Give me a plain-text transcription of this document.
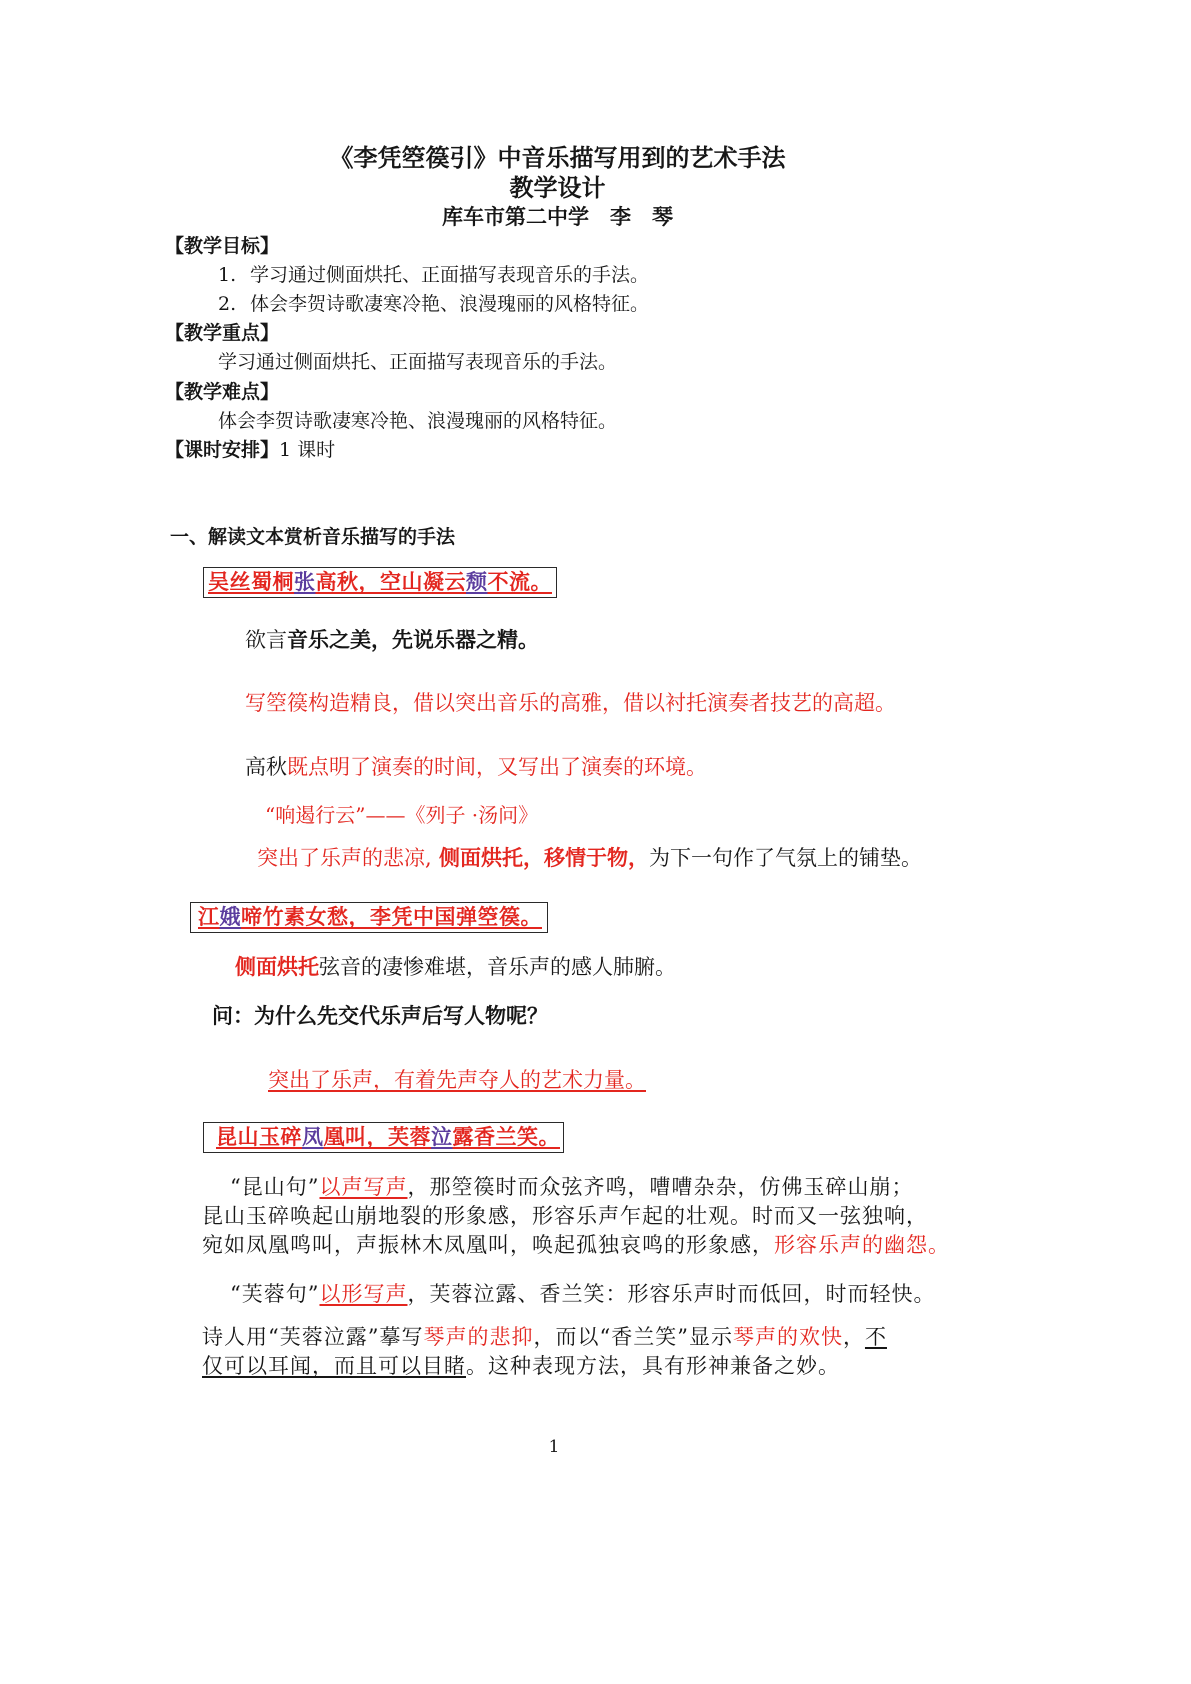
《李凭箜篌引》中音乐描写用到的艺术手法
教学设计
库车市第二中学　李　琴
【教学目标】
1. 学习通过侧面烘托、正面描写表现音乐的手法。
2. 体会李贺诗歌凄寒冷艳、浪漫瑰丽的风格特征。
【教学重点】
学习通过侧面烘托、正面描写表现音乐的手法。
【教学难点】
体会李贺诗歌凄寒冷艳、浪漫瑰丽的风格特征。
【课时安排】1 课时
一、解读文本赏析音乐描写的手法
吴丝蜀桐张高秋，空山凝云颓不流。
欲言音乐之美，先说乐器之精。
写箜篌构造精良，借以突出音乐的高雅，借以衬托演奏者技艺的高超。
高秋既点明了演奏的时间，又写出了演奏的环境。
“响遏行云”——《列子 ·汤问》
突出了乐声的悲凉, 侧面烘托，移情于物，为下一句作了气氛上的铺垫。
江娥啼竹素女愁，李凭中国弹箜篌。
侧面烘托弦音的凄惨难堪，音乐声的感人肺腑。
问：为什么先交代乐声后写人物呢？
突出了乐声，有着先声夺人的艺术力量。
昆山玉碎凤凰叫，芙蓉泣露香兰笑。
“昆山句”以声写声，那箜篌时而众弦齐鸣，嘈嘈杂杂，仿佛玉碎山崩；
昆山玉碎唤起山崩地裂的形象感，形容乐声乍起的壮观。时而又一弦独响，
宛如凤凰鸣叫，声振林木凤凰叫，唤起孤独哀鸣的形象感，形容乐声的幽怨。
“芙蓉句”以形写声，芙蓉泣露、香兰笑：形容乐声时而低回，时而轻快。
诗人用“芙蓉泣露”摹写琴声的悲抑，而以“香兰笑”显示琴声的欢快，不
仅可以耳闻，而且可以目睹。这种表现方法，具有形神兼备之妙。
1
